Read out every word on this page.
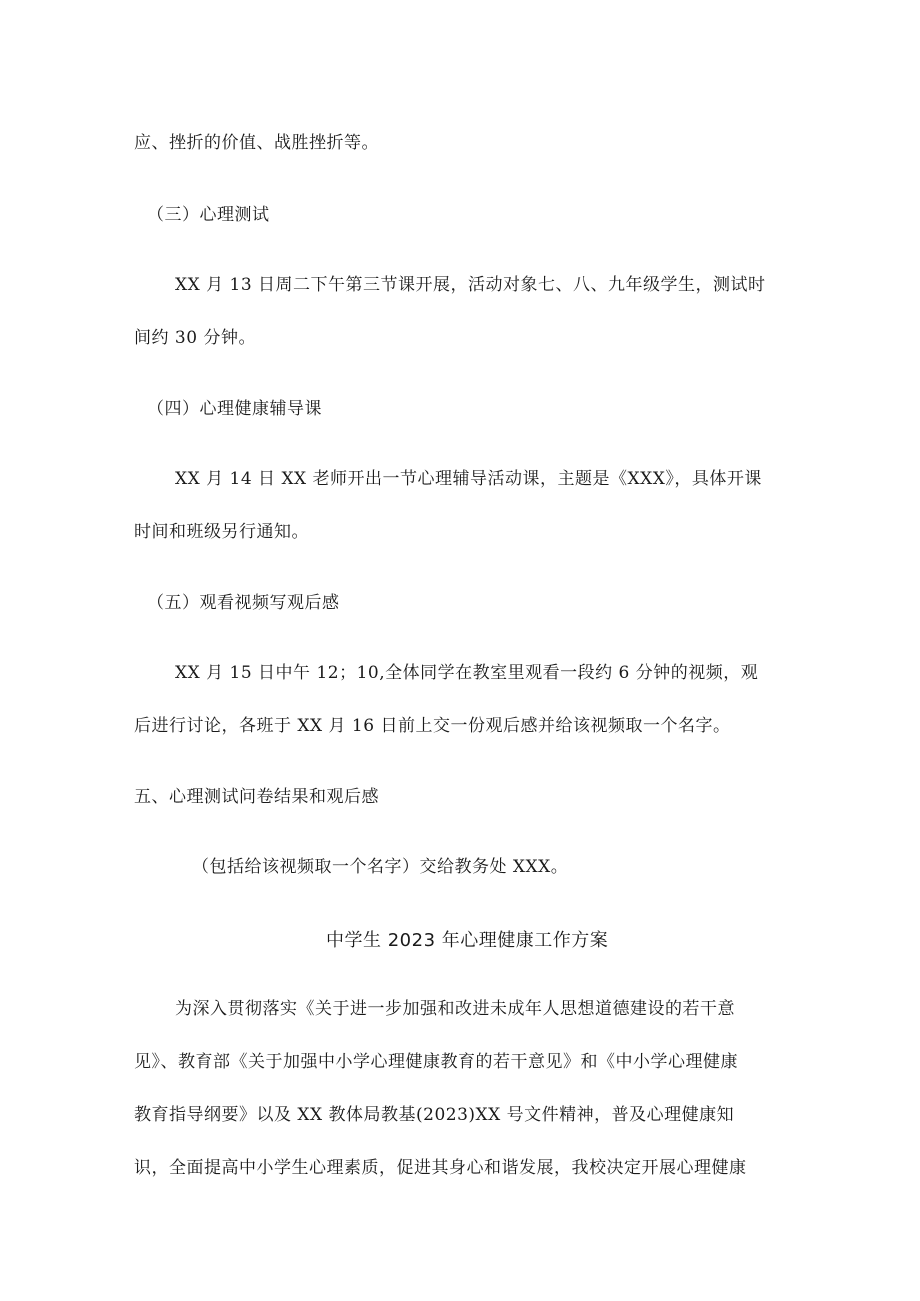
应、挫折的价值、战胜挫折等。
（三）心理测试
XX 月 13 日周二下午第三节课开展，活动对象七、八、九年级学生，测试时
间约 30 分钟。
（四）心理健康辅导课
XX 月 14 日 XX 老师开出一节心理辅导活动课，主题是《XXX》，具体开课
时间和班级另行通知。
（五）观看视频写观后感
XX 月 15 日中午 12；10,全体同学在教室里观看一段约 6 分钟的视频，观
后进行讨论，各班于 XX 月 16 日前上交一份观后感并给该视频取一个名字。
五、心理测试问卷结果和观后感
（包括给该视频取一个名字）交给教务处 XXX。
中学生 2023 年心理健康工作方案
为深入贯彻落实《关于进一步加强和改进未成年人思想道德建设的若干意
见》、教育部《关于加强中小学心理健康教育的若干意见》和《中小学心理健康
教育指导纲要》以及 XX 教体局教基(2023)XX 号文件精神，普及心理健康知
识，全面提高中小学生心理素质，促进其身心和谐发展，我校决定开展心理健康
